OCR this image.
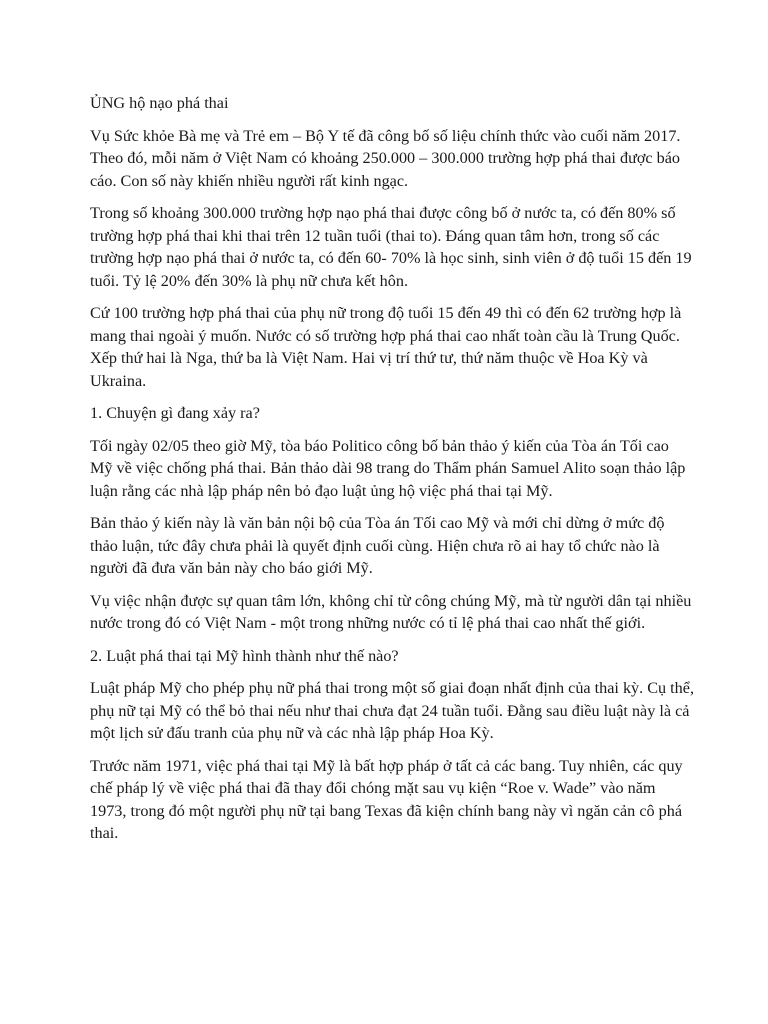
ỦNG hộ nạo phá thai

Vụ Sức khỏe Bà mẹ và Trẻ em – Bộ Y tế đã công bố số liệu chính thức vào cuối năm 2017. Theo đó, mỗi năm ở Việt Nam có khoảng 250.000 – 300.000 trường hợp phá thai được báo cáo. Con số này khiến nhiều người rất kinh ngạc.

Trong số khoảng 300.000 trường hợp nạo phá thai được công bố ở nước ta, có đến 80% số trường hợp phá thai khi thai trên 12 tuần tuổi (thai to). Đáng quan tâm hơn, trong số các trường hợp nạo phá thai ở nước ta, có đến 60- 70% là học sinh, sinh viên ở độ tuổi 15 đến 19 tuổi. Tỷ lệ 20% đến 30% là phụ nữ chưa kết hôn.

Cứ 100 trường hợp phá thai của phụ nữ trong độ tuổi 15 đến 49 thì có đến 62 trường hợp là mang thai ngoài ý muốn. Nước có số trường hợp phá thai cao nhất toàn cầu là Trung Quốc. Xếp thứ hai là Nga, thứ ba là Việt Nam. Hai vị trí thứ tư, thứ năm thuộc về Hoa Kỳ và Ukraina.

1. Chuyện gì đang xảy ra?

Tối ngày 02/05 theo giờ Mỹ, tòa báo Politico công bố bản thảo ý kiến của Tòa án Tối cao Mỹ về việc chống phá thai. Bản thảo dài 98 trang do Thẩm phán Samuel Alito soạn thảo lập luận rằng các nhà lập pháp nên bỏ đạo luật ủng hộ việc phá thai tại Mỹ.

Bản thảo ý kiến này là văn bản nội bộ của Tòa án Tối cao Mỹ và mới chỉ dừng ở mức độ thảo luận, tức đây chưa phải là quyết định cuối cùng. Hiện chưa rõ ai hay tổ chức nào là người đã đưa văn bản này cho báo giới Mỹ.

Vụ việc nhận được sự quan tâm lớn, không chỉ từ công chúng Mỹ, mà từ người dân tại nhiều nước trong đó có Việt Nam - một trong những nước có tỉ lệ phá thai cao nhất thế giới.

2. Luật phá thai tại Mỹ hình thành như thế nào?

Luật pháp Mỹ cho phép phụ nữ phá thai trong một số giai đoạn nhất định của thai kỳ. Cụ thể, phụ nữ tại Mỹ có thể bỏ thai nếu như thai chưa đạt 24 tuần tuổi. Đằng sau điều luật này là cả một lịch sử đấu tranh của phụ nữ và các nhà lập pháp Hoa Kỳ.

Trước năm 1971, việc phá thai tại Mỹ là bất hợp pháp ở tất cả các bang. Tuy nhiên, các quy chế pháp lý về việc phá thai đã thay đổi chóng mặt sau vụ kiện “Roe v. Wade” vào năm 1973, trong đó một người phụ nữ tại bang Texas đã kiện chính bang này vì ngăn cản cô phá thai.
